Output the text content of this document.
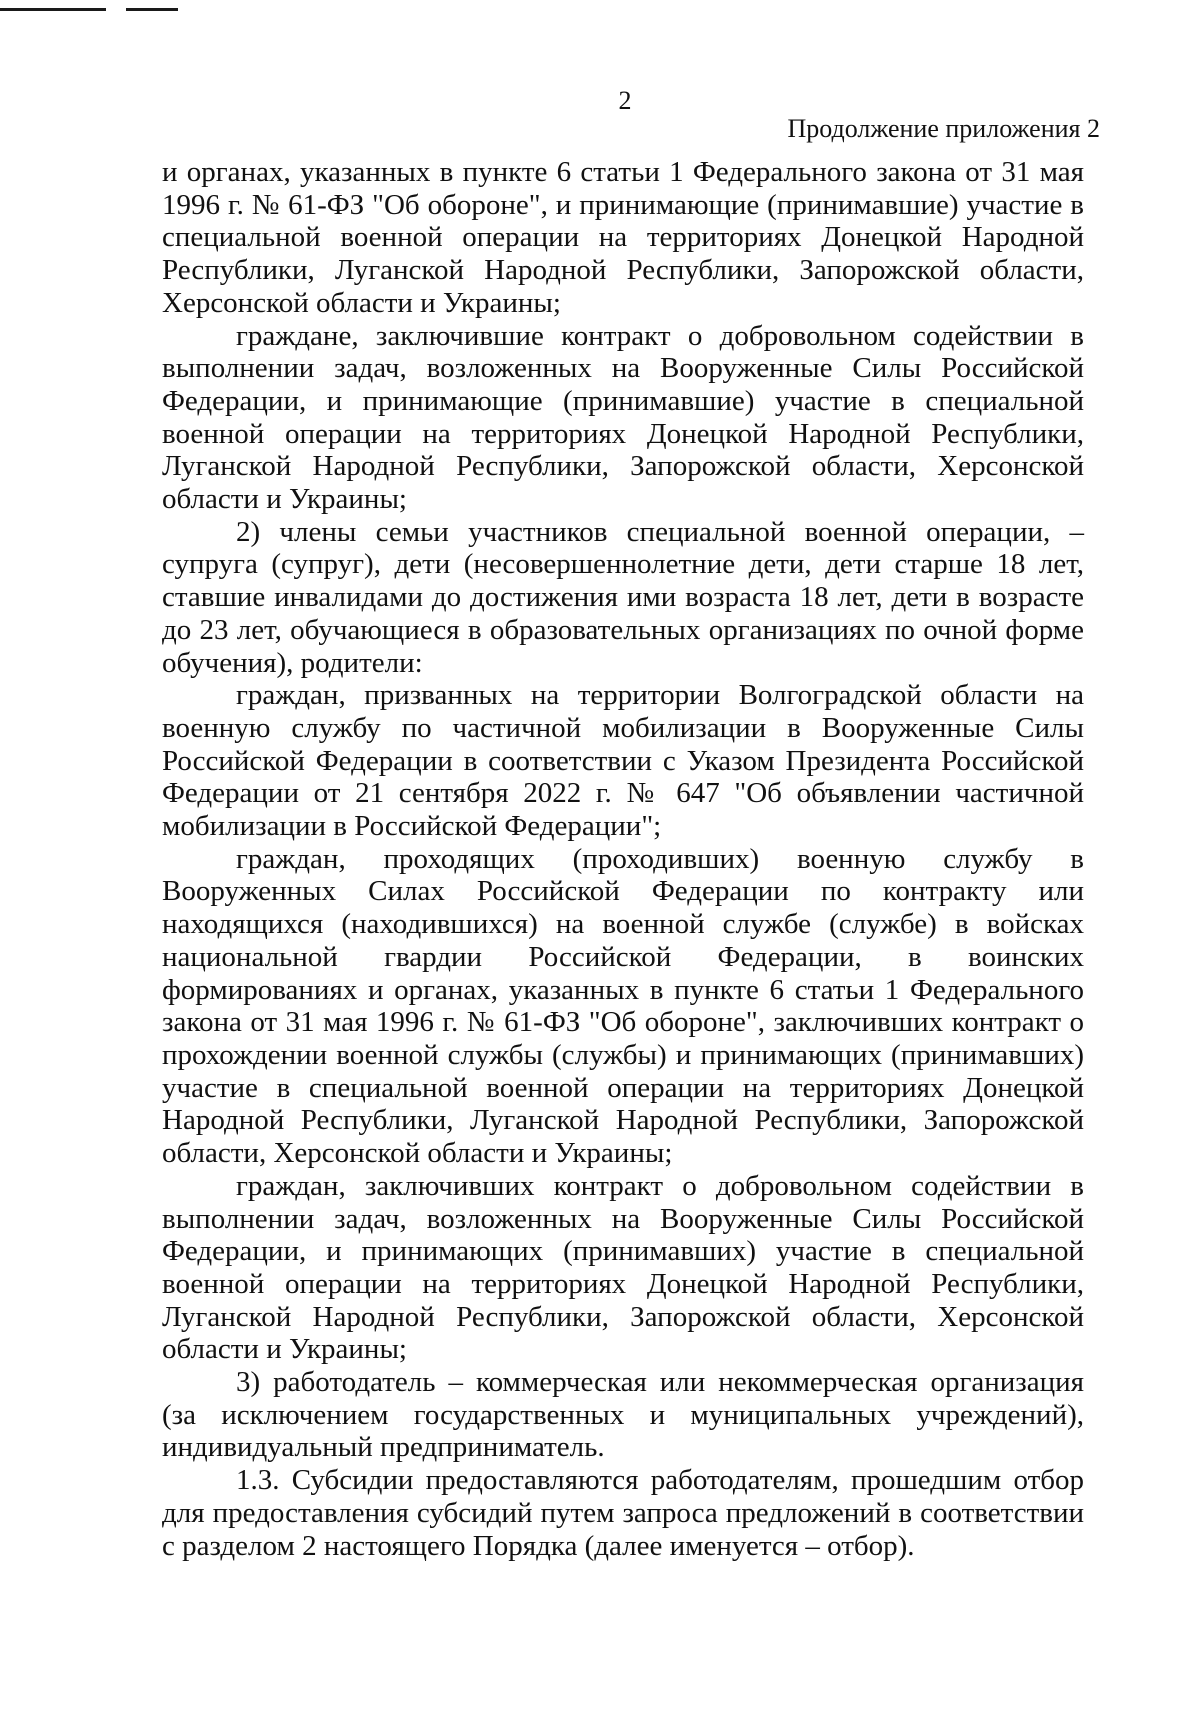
2
Продолжение приложения 2

и органах, указанных в пункте 6 статьи 1 Федерального закона от 31 мая 1996 г. № 61-ФЗ "Об обороне", и принимающие (принимавшие) участие в специальной военной операции на территориях Донецкой Народной Республики, Луганской Народной Республики, Запорожской области, Херсонской области и Украины;

граждане, заключившие контракт о добровольном содействии в выполнении задач, возложенных на Вооруженные Силы Российской Федерации, и принимающие (принимавшие) участие в специальной военной операции на территориях Донецкой Народной Республики, Луганской Народной Республики, Запорожской области, Херсонской области и Украины;

2) члены семьи участников специальной военной операции, – супруга (супруг), дети (несовершеннолетние дети, дети старше 18 лет, ставшие инвалидами до достижения ими возраста 18 лет, дети в возрасте до 23 лет, обучающиеся в образовательных организациях по очной форме обучения), родители:

граждан, призванных на территории Волгоградской области на военную службу по частичной мобилизации в Вооруженные Силы Российской Федерации в соответствии с Указом Президента Российской Федерации от 21 сентября 2022 г. № 647 "Об объявлении частичной мобилизации в Российской Федерации";

граждан, проходящих (проходивших) военную службу в Вооруженных Силах Российской Федерации по контракту или находящихся (находившихся) на военной службе (службе) в войсках национальной гвардии Российской Федерации, в воинских формированиях и органах, указанных в пункте 6 статьи 1 Федерального закона от 31 мая 1996 г. № 61-ФЗ "Об обороне", заключивших контракт о прохождении военной службы (службы) и принимающих (принимавших) участие в специальной военной операции на территориях Донецкой Народной Республики, Луганской Народной Республики, Запорожской области, Херсонской области и Украины;

граждан, заключивших контракт о добровольном содействии в выполнении задач, возложенных на Вооруженные Силы Российской Федерации, и принимающих (принимавших) участие в специальной военной операции на территориях Донецкой Народной Республики, Луганской Народной Республики, Запорожской области, Херсонской области и Украины;

3) работодатель – коммерческая или некоммерческая организация (за исключением государственных и муниципальных учреждений), индивидуальный предприниматель.

1.3. Субсидии предоставляются работодателям, прошедшим отбор для предоставления субсидий путем запроса предложений в соответствии с разделом 2 настоящего Порядка (далее именуется – отбор).
